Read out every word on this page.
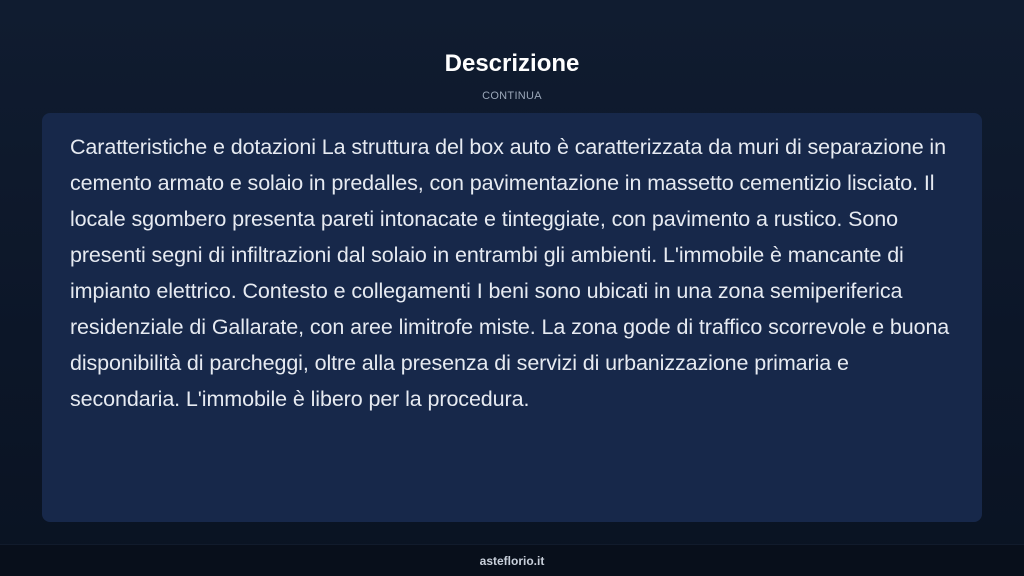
Descrizione
CONTINUA

Caratteristiche e dotazioni La struttura del box auto è caratterizzata da muri di separazione in cemento armato e solaio in predalles, con pavimentazione in massetto cementizio lisciato. Il locale sgombero presenta pareti intonacate e tinteggiate, con pavimento a rustico. Sono presenti segni di infiltrazioni dal solaio in entrambi gli ambienti. L'immobile è mancante di impianto elettrico. Contesto e collegamenti I beni sono ubicati in una zona semiperiferica residenziale di Gallarate, con aree limitrofe miste. La zona gode di traffico scorrevole e buona disponibilità di parcheggi, oltre alla presenza di servizi di urbanizzazione primaria e secondaria. L'immobile è libero per la procedura.

asteflorio.it
